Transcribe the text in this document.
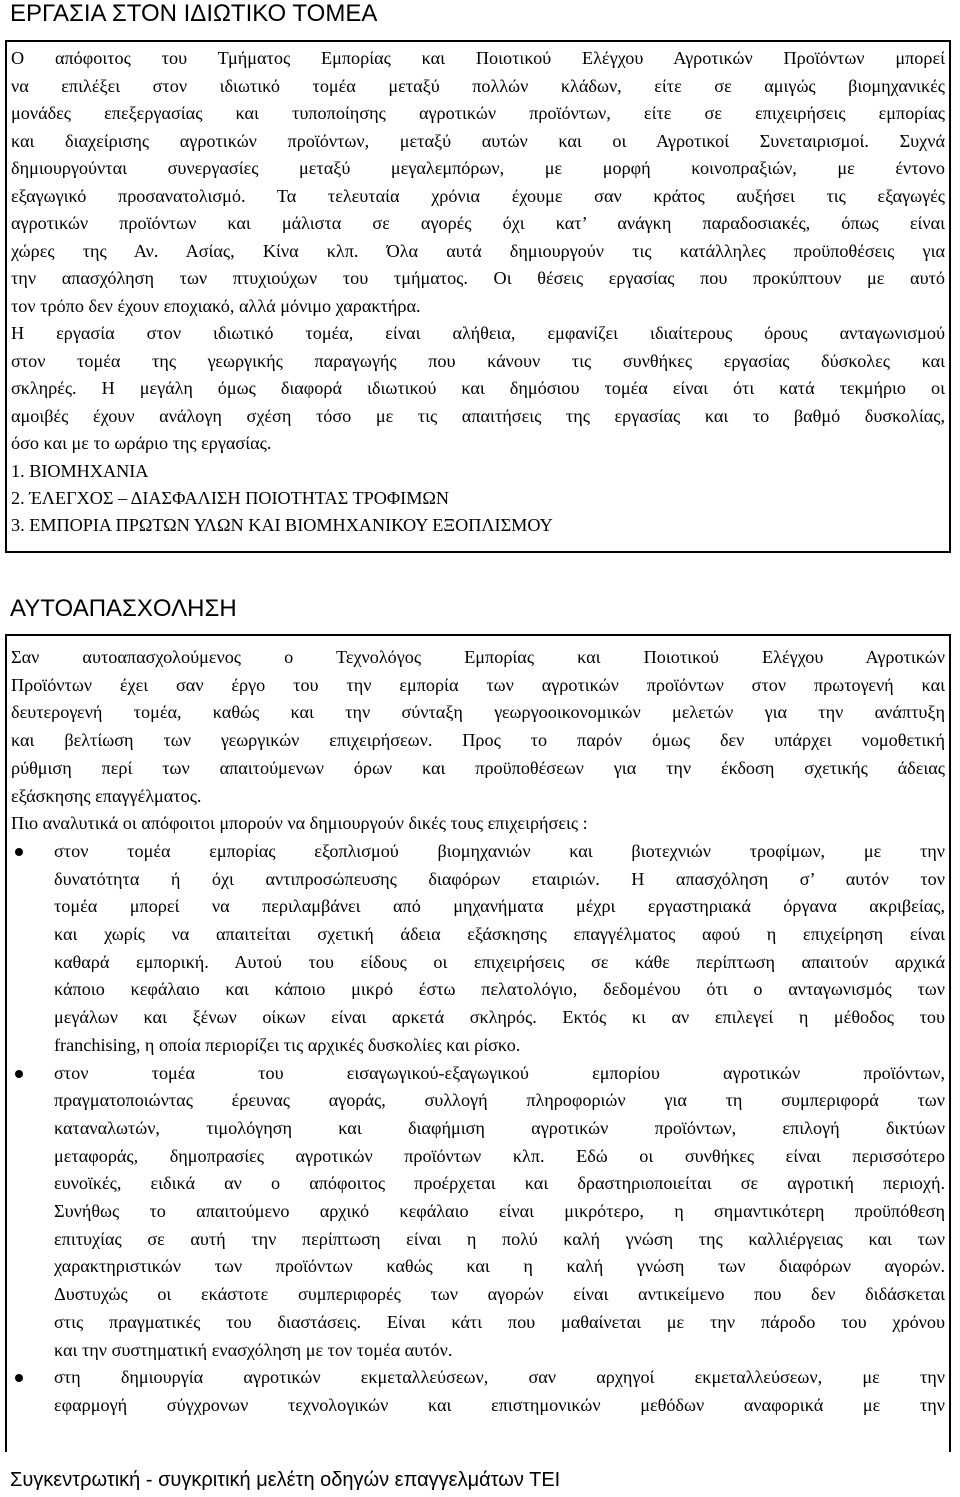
ΕΡΓΑΣΙΑ ΣΤΟΝ ΙΔΙΩΤΙΚΟ ΤΟΜΕΑ

Ο απόφοιτος του Τμήματος Εμπορίας και Ποιοτικού Ελέγχου Αγροτικών Προϊόντων μπορεί
να επιλέξει στον ιδιωτικό τομέα μεταξύ πολλών κλάδων, είτε σε αμιγώς βιομηχανικές
μονάδες επεξεργασίας και τυποποίησης αγροτικών προϊόντων, είτε σε επιχειρήσεις εμπορίας
και διαχείρισης αγροτικών προϊόντων, μεταξύ αυτών και οι Αγροτικοί Συνεταιρισμοί. Συχνά
δημιουργούνται συνεργασίες μεταξύ μεγαλεμπόρων, με μορφή κοινοπραξιών, με έντονο
εξαγωγικό προσανατολισμό. Τα τελευταία χρόνια έχουμε σαν κράτος αυξήσει τις εξαγωγές
αγροτικών προϊόντων και μάλιστα σε αγορές όχι κατ’ ανάγκη παραδοσιακές, όπως είναι
χώρες της Αν. Ασίας, Κίνα κλπ. Όλα αυτά δημιουργούν τις κατάλληλες προϋποθέσεις για
την απασχόληση των πτυχιούχων του τμήματος. Οι θέσεις εργασίας που προκύπτουν με αυτό
τον τρόπο δεν έχουν εποχιακό, αλλά μόνιμο χαρακτήρα.

Η εργασία στον ιδιωτικό τομέα, είναι αλήθεια, εμφανίζει ιδιαίτερους όρους ανταγωνισμού
στον τομέα της γεωργικής παραγωγής που κάνουν τις συνθήκες εργασίας δύσκολες και
σκληρές. Η μεγάλη όμως διαφορά ιδιωτικού και δημόσιου τομέα είναι ότι κατά τεκμήριο οι
αμοιβές έχουν ανάλογη σχέση τόσο με τις απαιτήσεις της εργασίας και το βαθμό δυσκολίας,
όσο και με το ωράριο της εργασίας.

1. ΒΙΟΜΗΧΑΝΙΑ
2. ΈΛΕΓΧΟΣ – ΔΙΑΣΦΑΛΙΣΗ ΠΟΙΟΤΗΤΑΣ ΤΡΟΦΙΜΩΝ
3. ΕΜΠΟΡΙΑ ΠΡΩΤΩΝ ΥΛΩΝ ΚΑΙ ΒΙΟΜΗΧΑΝΙΚΟΥ ΕΞΟΠΛΙΣΜΟΥ
ΑΥΤΟΑΠΑΣΧΟΛΗΣΗ

Σαν αυτοαπασχολούμενος ο Τεχνολόγος Εμπορίας και Ποιοτικού Ελέγχου Αγροτικών
Προϊόντων έχει σαν έργο του την εμπορία των αγροτικών προϊόντων στον πρωτογενή και
δευτερογενή τομέα, καθώς και την σύνταξη γεωργοοικονομικών μελετών για την ανάπτυξη
και βελτίωση των γεωργικών επιχειρήσεων. Προς το παρόν όμως δεν υπάρχει νομοθετική
ρύθμιση περί των απαιτούμενων όρων και προϋποθέσεων για την έκδοση σχετικής άδειας
εξάσκησης επαγγέλματος.

Πιο αναλυτικά οι απόφοιτοι μπορούν να δημιουργούν δικές τους επιχειρήσεις :

στον τομέα εμπορίας εξοπλισμού βιομηχανιών και βιοτεχνιών τροφίμων, με την
δυνατότητα ή όχι αντιπροσώπευσης διαφόρων εταιριών. Η απασχόληση σ’ αυτόν τον
τομέα μπορεί να περιλαμβάνει από μηχανήματα μέχρι εργαστηριακά όργανα ακριβείας,
και χωρίς να απαιτείται σχετική άδεια εξάσκησης επαγγέλματος αφού η επιχείρηση είναι
καθαρά εμπορική. Αυτού του είδους οι επιχειρήσεις σε κάθε περίπτωση απαιτούν αρχικά
κάποιο κεφάλαιο και κάποιο μικρό έστω πελατολόγιο, δεδομένου ότι ο ανταγωνισμός των
μεγάλων και ξένων οίκων είναι αρκετά σκληρός. Εκτός κι αν επιλεγεί η μέθοδος του
franchising, η οποία περιορίζει τις αρχικές δυσκολίες και ρίσκο.

στον τομέα του εισαγωγικού-εξαγωγικού εμπορίου αγροτικών προϊόντων,
πραγματοποιώντας έρευνας αγοράς, συλλογή πληροφοριών για τη συμπεριφορά των
καταναλωτών, τιμολόγηση και διαφήμιση αγροτικών προϊόντων, επιλογή δικτύων
μεταφοράς, δημοπρασίες αγροτικών προϊόντων κλπ. Εδώ οι συνθήκες είναι περισσότερο
ευνοϊκές, ειδικά αν ο απόφοιτος προέρχεται και δραστηριοποιείται σε αγροτική περιοχή.
Συνήθως το απαιτούμενο αρχικό κεφάλαιο είναι μικρότερο, η σημαντικότερη προϋπόθεση
επιτυχίας σε αυτή την περίπτωση είναι η πολύ καλή γνώση της καλλιέργειας και των
χαρακτηριστικών των προϊόντων καθώς και η καλή γνώση των διαφόρων αγορών.
Δυστυχώς οι εκάστοτε συμπεριφορές των αγορών είναι αντικείμενο που δεν διδάσκεται
στις πραγματικές του διαστάσεις. Είναι κάτι που μαθαίνεται με την πάροδο του χρόνου
και την συστηματική ενασχόληση με τον τομέα αυτόν.

στη δημιουργία αγροτικών εκμεταλλεύσεων, σαν αρχηγοί εκμεταλλεύσεων, με την
εφαρμογή σύγχρονων τεχνολογικών και επιστημονικών μεθόδων αναφορικά με την

Συγκεντρωτική - συγκριτική μελέτη οδηγών επαγγελμάτων ΤΕΙ
